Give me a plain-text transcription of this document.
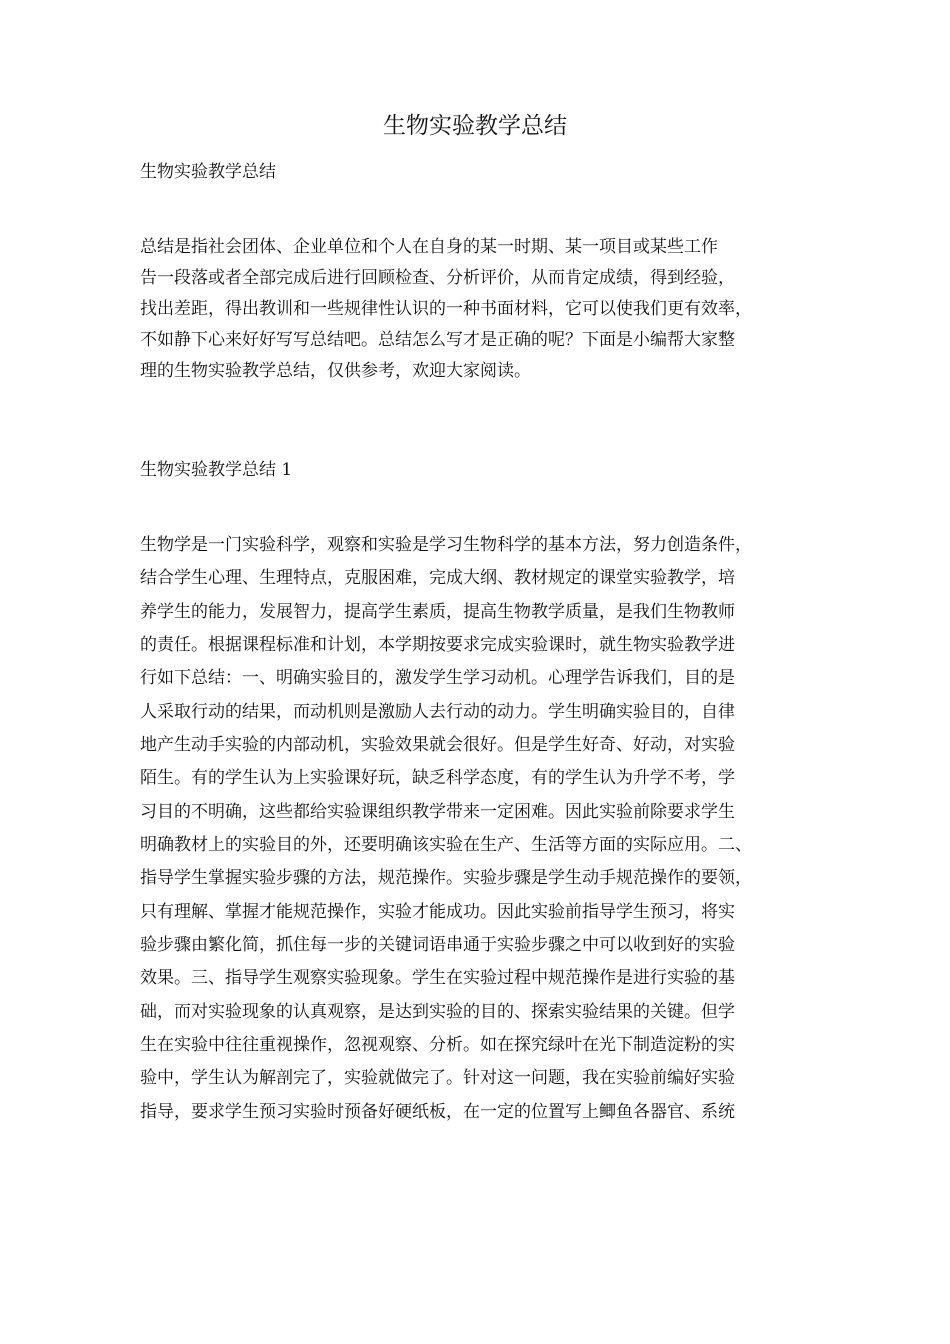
生物实验教学总结
生物实验教学总结
总结是指社会团体、企业单位和个人在自身的某一时期、某一项目或某些工作
告一段落或者全部完成后进行回顾检查、分析评价，从而肯定成绩，得到经验，
找出差距，得出教训和一些规律性认识的一种书面材料，它可以使我们更有效率，
不如静下心来好好写写总结吧。总结怎么写才是正确的呢？下面是小编帮大家整
理的生物实验教学总结，仅供参考，欢迎大家阅读。
生物实验教学总结 1
生物学是一门实验科学，观察和实验是学习生物科学的基本方法，努力创造条件，
结合学生心理、生理特点，克服困难，完成大纲、教材规定的课堂实验教学，培
养学生的能力，发展智力，提高学生素质，提高生物教学质量，是我们生物教师
的责任。根据课程标准和计划，本学期按要求完成实验课时，就生物实验教学进
行如下总结：一、明确实验目的，激发学生学习动机。心理学告诉我们，目的是
人采取行动的结果，而动机则是激励人去行动的动力。学生明确实验目的，自律
地产生动手实验的内部动机，实验效果就会很好。但是学生好奇、好动，对实验
陌生。有的学生认为上实验课好玩，缺乏科学态度，有的学生认为升学不考，学
习目的不明确，这些都给实验课组织教学带来一定困难。因此实验前除要求学生
明确教材上的实验目的外，还要明确该实验在生产、生活等方面的实际应用。二、
指导学生掌握实验步骤的方法，规范操作。实验步骤是学生动手规范操作的要领，
只有理解、掌握才能规范操作，实验才能成功。因此实验前指导学生预习，将实
验步骤由繁化简，抓住每一步的关键词语串通于实验步骤之中可以收到好的实验
效果。三、指导学生观察实验现象。学生在实验过程中规范操作是进行实验的基
础，而对实验现象的认真观察，是达到实验的目的、探索实验结果的关键。但学
生在实验中往往重视操作，忽视观察、分析。如在探究绿叶在光下制造淀粉的实
验中，学生认为解剖完了，实验就做完了。针对这一问题，我在实验前编好实验
指导，要求学生预习实验时预备好硬纸板，在一定的位置写上鲫鱼各器官、系统
